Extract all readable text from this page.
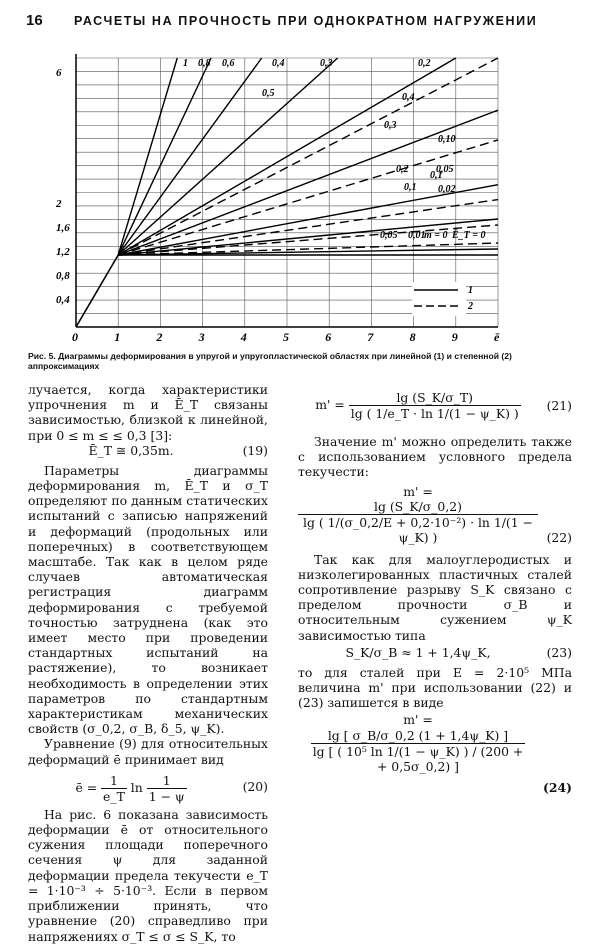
16	РАСЧЕТЫ НА ПРОЧНОСТЬ ПРИ ОДНОКРАТНОМ НАГРУЖЕНИИ
0	1	2	3	4	5	6	7	8	9	ē
0,4
0,8
1,2
1,6
2
6
1 0,8 0,6	0,4	0,3	0,2
0,4
0,3
0,10
0,05
0,1 0,02
0,5
0,2
0,1
0,05 0,01
m = 0 Ē_T = 0
1
2
Рис. 5. Диаграммы деформирования в упругой и упругопластической областях при линейной (1) и степенной (2) аппроксимациях

лучается, когда характеристики упрочнения m и Ē_T связаны зависимостью, близкой к линейной, при 0 ≤ m ≤ ≤ 0,3 [3]:

Ē_T ≅ 0,35m.	(19)

Параметры диаграммы деформирования m, Ē_T и σ_T определяют по данным статических испытаний с записью напряжений и деформаций (продольных или поперечных) в соответствующем масштабе. Так как в целом ряде случаев автоматическая регистрация диаграмм деформирования с требуемой точностью затруднена (как это имеет место при проведении стандартных испытаний на растяжение), то возникает необходимость в определении этих параметров по стандартным характеристикам механических свойств (σ_0,2, σ_B, δ_5, ψ_K).

Уравнение (9) для относительных деформаций ē принимает вид

ē = $\frac{1}{e\_T}$ $\ln \frac{1}{1 - \psi}$	(20)

На рис. 6 показана зависимость деформации ē от относительного сужения площади поперечного сечения ψ для заданной деформации предела текучести e_T = 1·10⁻³ ÷ 5·10⁻³. Если в первом приближении принять, что уравнение (20) справедливо при напряжениях σ_T ≤ σ ≤ S_K, то

$m' = \frac{\lg (S\_K/\sigma\_T)}{\lg ( 1/e\_T \cdot \ln 1/(1 - \psi\_K) )} (21)$

Значение m' можно определить также с использованием условного предела текучести:

m' =

$\frac{\lg (S\_K/\sigma\_0,2)}{\text{lg ( 1/(σ\_0,2/E + 0,2·10⁻²) · ln 1/(1 − ψ\_K) )}} (22)$

Так как для малоуглеродистых и низколегированных пластичных сталей сопротивление разрыву S_K связано с пределом прочности σ_B и относительным сужением ψ_K зависимостью типа

S_K/σ_B ≈ 1 + 1,4ψ_K,	(23)

то для сталей при E = 2·10⁵ МПа величина m' при использовании (22) и (23) запишется в виде

m' =

lg [ σ_B/σ_0,2 (1 + 1,4ψ_K) ]
lg [ ( 10⁵ ln 1/(1 − ψ_K) ) / (200 +
+ 0,5σ_0,2) ]
(24)
